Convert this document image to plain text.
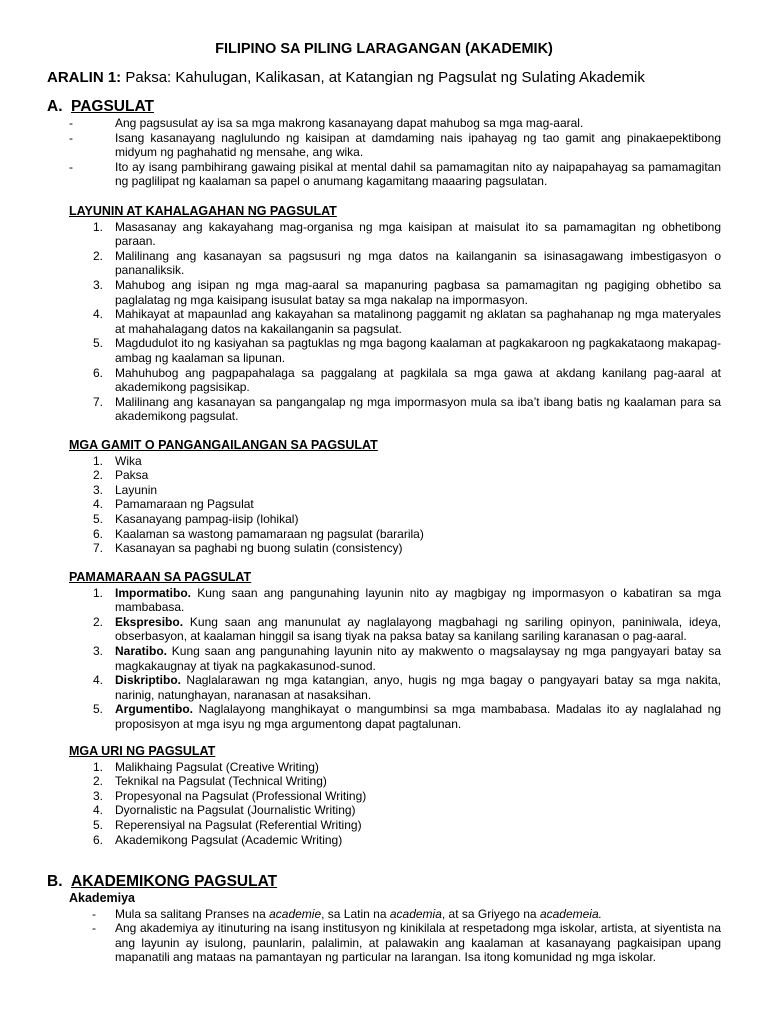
FILIPINO SA PILING LARAGANGAN (AKADEMIK)
ARALIN 1: Paksa: Kahulugan, Kalikasan, at Katangian ng Pagsulat ng Sulating Akademik
A. PAGSULAT
-	Ang pagsusulat ay isa sa mga makrong kasanayang dapat mahubog sa mga mag-aaral.
-	Isang kasanayang naglulundo ng kaisipan at damdaming nais ipahayag ng tao gamit ang pinakaepektibong midyum ng paghahatid ng mensahe, ang wika.
-	Ito ay isang pambihirang gawaing pisikal at mental dahil sa pamamagitan nito ay naipapahayag sa pamamagitan ng paglilipat ng kaalaman sa papel o anumang kagamitang maaaring pagsulatan.
LAYUNIN AT KAHALAGAHAN NG PAGSULAT
1. Masasanay ang kakayahang mag-organisa ng mga kaisipan at maisulat ito sa pamamagitan ng obhetibong paraan.
2. Malilinang ang kasanayan sa pagsusuri ng mga datos na kailanganin sa isinasagawang imbestigasyon o pananaliksik.
3. Mahubog ang isipan ng mga mag-aaral sa mapanuring pagbasa sa pamamagitan ng pagiging obhetibo sa paglalatag ng mga kaisipang isusulat batay sa mga nakalap na impormasyon.
4. Mahikayat at mapaunlad ang kakayahan sa matalinong paggamit ng aklatan sa paghahanap ng mga materyales at mahahalagang datos na kakailanganin sa pagsulat.
5. Magdudulot ito ng kasiyahan sa pagtuklas ng mga bagong kaalaman at pagkakaroon ng pagkakataong makapag-ambag ng kaalaman sa lipunan.
6. Mahuhubog ang pagpapahalaga sa paggalang at pagkilala sa mga gawa at akdang kanilang pag-aaral at akademikong pagsisikap.
7. Malilinang ang kasanayan sa pangangalap ng mga impormasyon mula sa iba’t ibang batis ng kaalaman para sa akademikong pagsulat.
MGA GAMIT O PANGANGAILANGAN SA PAGSULAT
1. Wika
2. Paksa
3. Layunin
4. Pamamaraan ng Pagsulat
5. Kasanayang pampag-iisip (lohikal)
6. Kaalaman sa wastong pamamaraan ng pagsulat (bararila)
7. Kasanayan sa paghabi ng buong sulatin (consistency)
PAMAMARAAN SA PAGSULAT
1. Impormatibo. Kung saan ang pangunahing layunin nito ay magbigay ng impormasyon o kabatiran sa mga mambabasa.
2. Ekspresibo. Kung saan ang manunulat ay naglalayong magbahagi ng sariling opinyon, paniniwala, ideya, obserbasyon, at kaalaman hinggil sa isang tiyak na paksa batay sa kanilang sariling karanasan o pag-aaral.
3. Naratibo. Kung saan ang pangunahing layunin nito ay makwento o magsalaysay ng mga pangyayari batay sa magkakaugnay at tiyak na pagkakasunod-sunod.
4. Diskriptibo. Naglalarawan ng mga katangian, anyo, hugis ng mga bagay o pangyayari batay sa mga nakita, narinig, natunghayan, naranasan at nasaksihan.
5. Argumentibo. Naglalayong manghikayat o mangumbinsi sa mga mambabasa. Madalas ito ay naglalahad ng proposisyon at mga isyu ng mga argumentong dapat pagtalunan.
MGA URI NG PAGSULAT
1. Malikhaing Pagsulat (Creative Writing)
2. Teknikal na Pagsulat (Technical Writing)
3. Propesyonal na Pagsulat (Professional Writing)
4. Dyornalistic na Pagsulat (Journalistic Writing)
5. Reperensiyal na Pagsulat (Referential Writing)
6. Akademikong Pagsulat (Academic Writing)
B. AKADEMIKONG PAGSULAT
Akademiya
- Mula sa salitang Pranses na academie, sa Latin na academia, at sa Griyego na academeia.
- Ang akademiya ay itinuturing na isang institusyon ng kinikilala at respetadong mga iskolar, artista, at siyentista na ang layunin ay isulong, paunlarin, palalimin, at palawakin ang kaalaman at kasanayang pagkaisipan upang mapanatili ang mataas na pamantayan ng particular na larangan. Isa itong komunidad ng mga iskolar.
